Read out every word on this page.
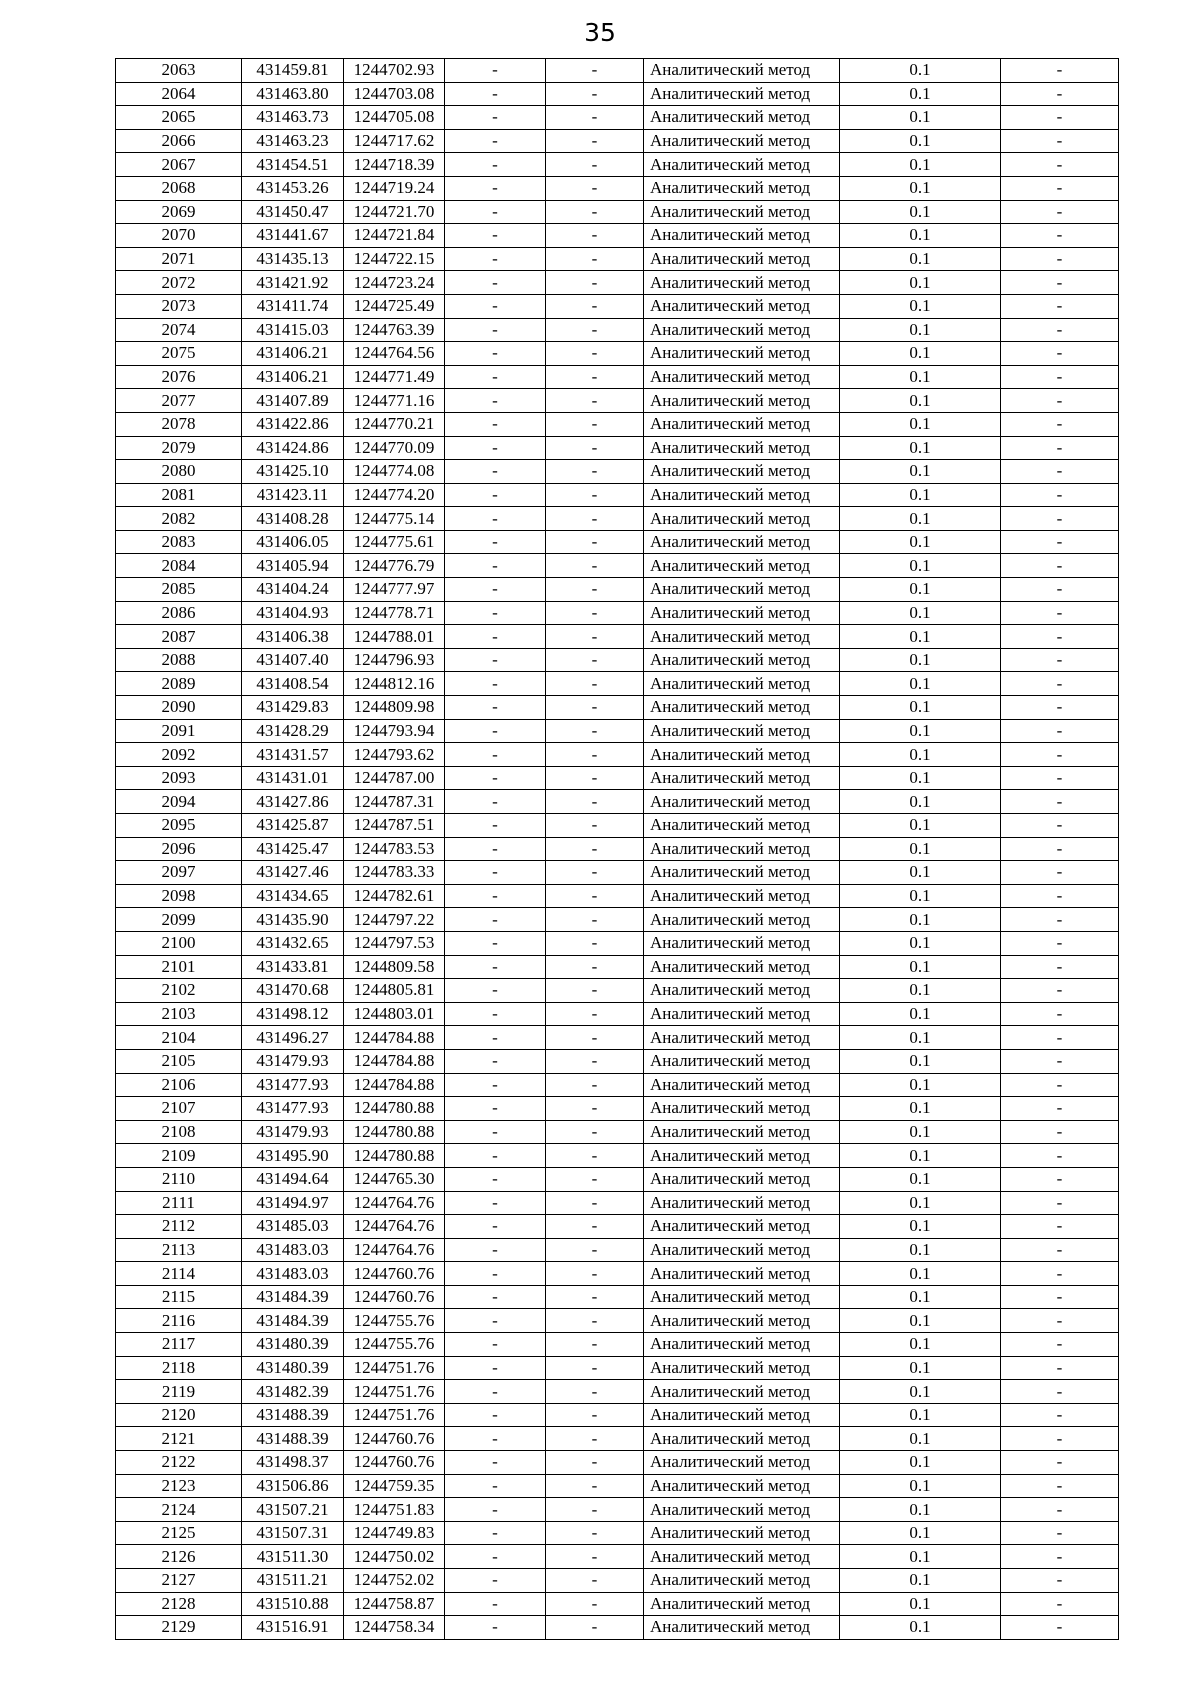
35
2063	431459.81	1244702.93	-	-	Аналитический метод	0.1	-
2064	431463.80	1244703.08	-	-	Аналитический метод	0.1	-
2065	431463.73	1244705.08	-	-	Аналитический метод	0.1	-
2066	431463.23	1244717.62	-	-	Аналитический метод	0.1	-
2067	431454.51	1244718.39	-	-	Аналитический метод	0.1	-
2068	431453.26	1244719.24	-	-	Аналитический метод	0.1	-
2069	431450.47	1244721.70	-	-	Аналитический метод	0.1	-
2070	431441.67	1244721.84	-	-	Аналитический метод	0.1	-
2071	431435.13	1244722.15	-	-	Аналитический метод	0.1	-
2072	431421.92	1244723.24	-	-	Аналитический метод	0.1	-
2073	431411.74	1244725.49	-	-	Аналитический метод	0.1	-
2074	431415.03	1244763.39	-	-	Аналитический метод	0.1	-
2075	431406.21	1244764.56	-	-	Аналитический метод	0.1	-
2076	431406.21	1244771.49	-	-	Аналитический метод	0.1	-
2077	431407.89	1244771.16	-	-	Аналитический метод	0.1	-
2078	431422.86	1244770.21	-	-	Аналитический метод	0.1	-
2079	431424.86	1244770.09	-	-	Аналитический метод	0.1	-
2080	431425.10	1244774.08	-	-	Аналитический метод	0.1	-
2081	431423.11	1244774.20	-	-	Аналитический метод	0.1	-
2082	431408.28	1244775.14	-	-	Аналитический метод	0.1	-
2083	431406.05	1244775.61	-	-	Аналитический метод	0.1	-
2084	431405.94	1244776.79	-	-	Аналитический метод	0.1	-
2085	431404.24	1244777.97	-	-	Аналитический метод	0.1	-
2086	431404.93	1244778.71	-	-	Аналитический метод	0.1	-
2087	431406.38	1244788.01	-	-	Аналитический метод	0.1	-
2088	431407.40	1244796.93	-	-	Аналитический метод	0.1	-
2089	431408.54	1244812.16	-	-	Аналитический метод	0.1	-
2090	431429.83	1244809.98	-	-	Аналитический метод	0.1	-
2091	431428.29	1244793.94	-	-	Аналитический метод	0.1	-
2092	431431.57	1244793.62	-	-	Аналитический метод	0.1	-
2093	431431.01	1244787.00	-	-	Аналитический метод	0.1	-
2094	431427.86	1244787.31	-	-	Аналитический метод	0.1	-
2095	431425.87	1244787.51	-	-	Аналитический метод	0.1	-
2096	431425.47	1244783.53	-	-	Аналитический метод	0.1	-
2097	431427.46	1244783.33	-	-	Аналитический метод	0.1	-
2098	431434.65	1244782.61	-	-	Аналитический метод	0.1	-
2099	431435.90	1244797.22	-	-	Аналитический метод	0.1	-
2100	431432.65	1244797.53	-	-	Аналитический метод	0.1	-
2101	431433.81	1244809.58	-	-	Аналитический метод	0.1	-
2102	431470.68	1244805.81	-	-	Аналитический метод	0.1	-
2103	431498.12	1244803.01	-	-	Аналитический метод	0.1	-
2104	431496.27	1244784.88	-	-	Аналитический метод	0.1	-
2105	431479.93	1244784.88	-	-	Аналитический метод	0.1	-
2106	431477.93	1244784.88	-	-	Аналитический метод	0.1	-
2107	431477.93	1244780.88	-	-	Аналитический метод	0.1	-
2108	431479.93	1244780.88	-	-	Аналитический метод	0.1	-
2109	431495.90	1244780.88	-	-	Аналитический метод	0.1	-
2110	431494.64	1244765.30	-	-	Аналитический метод	0.1	-
2111	431494.97	1244764.76	-	-	Аналитический метод	0.1	-
2112	431485.03	1244764.76	-	-	Аналитический метод	0.1	-
2113	431483.03	1244764.76	-	-	Аналитический метод	0.1	-
2114	431483.03	1244760.76	-	-	Аналитический метод	0.1	-
2115	431484.39	1244760.76	-	-	Аналитический метод	0.1	-
2116	431484.39	1244755.76	-	-	Аналитический метод	0.1	-
2117	431480.39	1244755.76	-	-	Аналитический метод	0.1	-
2118	431480.39	1244751.76	-	-	Аналитический метод	0.1	-
2119	431482.39	1244751.76	-	-	Аналитический метод	0.1	-
2120	431488.39	1244751.76	-	-	Аналитический метод	0.1	-
2121	431488.39	1244760.76	-	-	Аналитический метод	0.1	-
2122	431498.37	1244760.76	-	-	Аналитический метод	0.1	-
2123	431506.86	1244759.35	-	-	Аналитический метод	0.1	-
2124	431507.21	1244751.83	-	-	Аналитический метод	0.1	-
2125	431507.31	1244749.83	-	-	Аналитический метод	0.1	-
2126	431511.30	1244750.02	-	-	Аналитический метод	0.1	-
2127	431511.21	1244752.02	-	-	Аналитический метод	0.1	-
2128	431510.88	1244758.87	-	-	Аналитический метод	0.1	-
2129	431516.91	1244758.34	-	-	Аналитический метод	0.1	-
